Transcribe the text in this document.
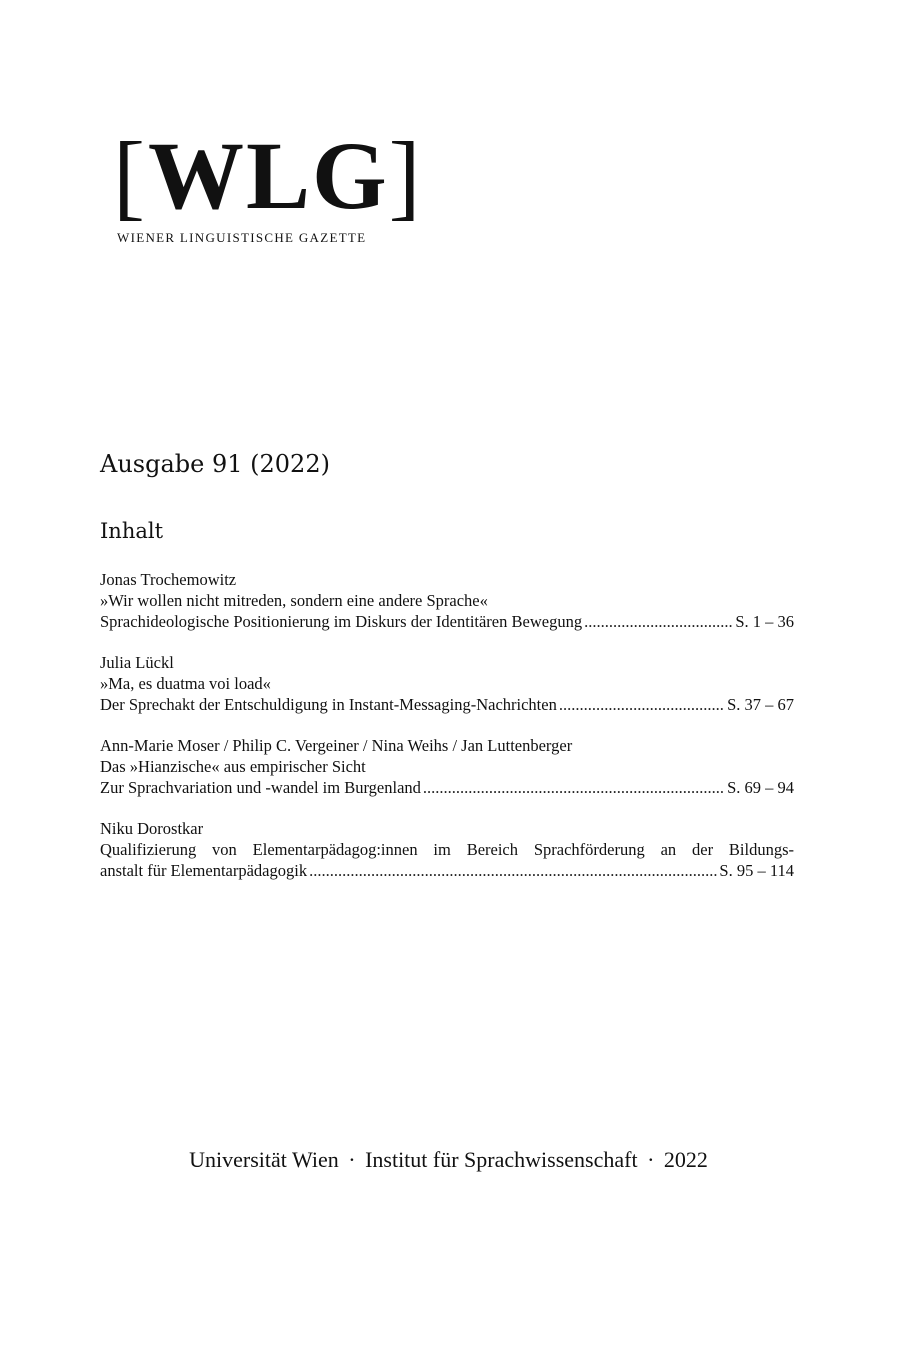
[WLG]
WIENER LINGUISTISCHE GAZETTE
Ausgabe 91 (2022)
Inhalt
Jonas Trochemowitz
»Wir wollen nicht mitreden, sondern eine andere Sprache«
Sprachideologische Positionierung im Diskurs der Identitären Bewegung .....	S. 1 – 36
Julia Lückl
»Ma, es duatma voi load«
Der Sprechakt der Entschuldigung in Instant-Messaging-Nachrichten .....	S. 37 – 67
Ann-Marie Moser / Philip C. Vergeiner / Nina Weihs / Jan Luttenberger
Das »Hianzische« aus empirischer Sicht
Zur Sprachvariation und -wandel im Burgenland .....	S. 69 – 94
Niku Dorostkar
Qualifizierung von Elementarpädagog:innen im Bereich Sprachförderung an der Bildungs-
anstalt für Elementarpädagogik .....	S. 95 – 114
Universität Wien · Institut für Sprachwissenschaft · 2022
